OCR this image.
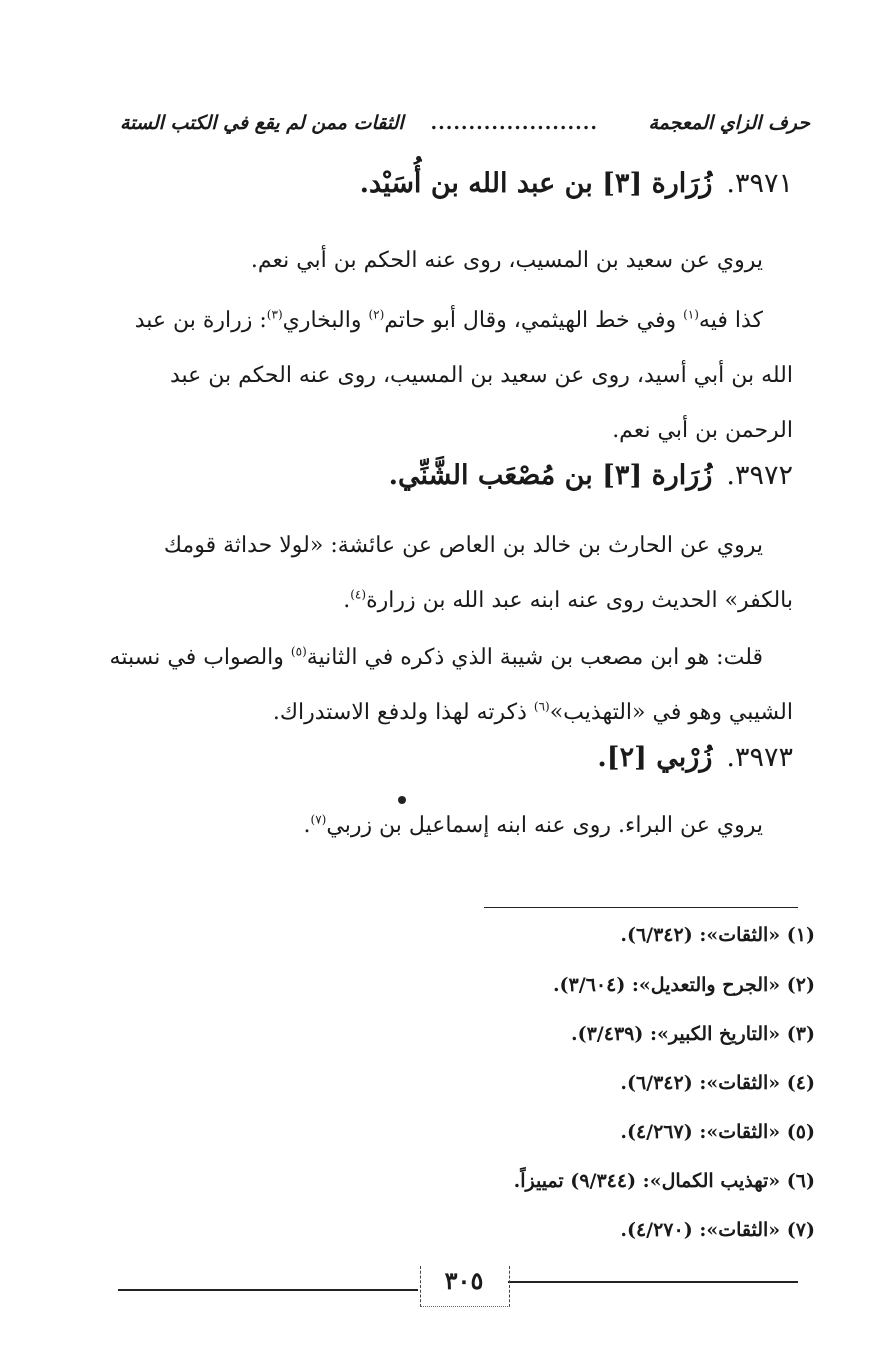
حرف الزاي المعجمة
......................
الثقات ممن لم يقع في الكتب الستة
٣٩٧١.زُرَارة [٣] بن عبد الله بن أُسَيْد.
يروي عن سعيد بن المسيب، روى عنه الحكم بن أبي نعم.
كذا فيه$^{(١)}$ وفي خط الهيثمي، وقال أبو حاتم$^{(٢)}$ والبخاري$^{(٣)}$: زرارة بن عبد الله بن أبي أسيد، روى عن سعيد بن المسيب، روى عنه الحكم بن عبد الرحمن بن أبي نعم.
٣٩٧٢.زُرَارة [٣] بن مُصْعَب الشَّنِّي.
يروي عن الحارث بن خالد بن العاص عن عائشة: «لولا حداثة قومك بالكفر» الحديث روى عنه ابنه عبد الله بن زرارة$^{(٤)}$.
قلت: هو ابن مصعب بن شيبة الذي ذكره في الثانية$^{(٥)}$ والصواب في نسبته الشيبي وهو في «التهذيب»$^{(٦)}$ ذكرته لهذا ولدفع الاستدراك.
٣٩٧٣.زُرْبي [٢].
يروي عن البراء. روى عنه ابنه إسماعيل بن زربي$^{(٧)}$.
(١) «الثقات»: (٦/٣٤٢).
(٢) «الجرح والتعديل»: (٣/٦٠٤).
(٣) «التاريخ الكبير»: (٣/٤٣٩).
(٤) «الثقات»: (٦/٣٤٢).
(٥) «الثقات»: (٤/٢٦٧).
(٦) «تهذيب الكمال»: (٩/٣٤٤) تمييزاً.
(٧) «الثقات»: (٤/٢٧٠).
٣٠٥
